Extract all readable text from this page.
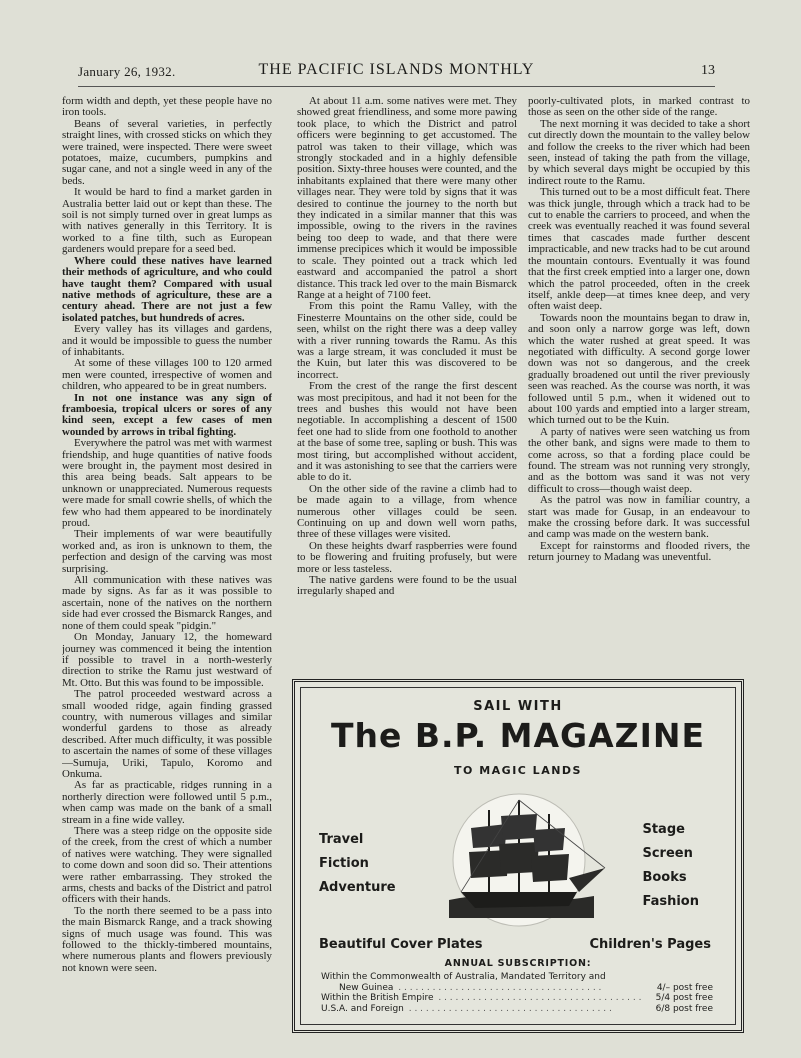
January 26, 1932.	THE PACIFIC ISLANDS MONTHLY	13

form width and depth, yet these people have no iron tools.

Beans of several varieties, in perfectly straight lines, with crossed sticks on which they were trained, were inspected. There were sweet potatoes, maize, cucumbers, pumpkins and sugar cane, and not a single weed in any of the beds.

It would be hard to find a market garden in Australia better laid out or kept than these. The soil is not simply turned over in great lumps as with natives generally in this Territory. It is worked to a fine tilth, such as European gardeners would prepare for a seed bed.

Where could these natives have learned their methods of agriculture, and who could have taught them? Compared with usual native methods of agriculture, these are a century ahead. There are not just a few isolated patches, but hundreds of acres.

Every valley has its villages and gardens, and it would be impossible to guess the number of inhabitants.

At some of these villages 100 to 120 armed men were counted, irrespective of women and children, who appeared to be in great numbers.

In not one instance was any sign of framboesia, tropical ulcers or sores of any kind seen, except a few cases of men wounded by arrows in tribal fighting.

Everywhere the patrol was met with warmest friendship, and huge quantities of native foods were brought in, the payment most desired in this area being beads. Salt appears to be unknown or unappreciated. Numerous requests were made for small cowrie shells, of which the few who had them appeared to be inordinately proud.

Their implements of war were beautifully worked and, as iron is unknown to them, the perfection and design of the carving was most surprising.

All communication with these natives was made by signs. As far as it was possible to ascertain, none of the natives on the northern side had ever crossed the Bismarck Ranges, and none of them could speak "pidgin."

On Monday, January 12, the homeward journey was commenced it being the intention if possible to travel in a north-westerly direction to strike the Ramu just westward of Mt. Otto. But this was found to be impossible.

The patrol proceeded westward across a small wooded ridge, again finding grassed country, with numerous villages and similar wonderful gardens to those as already described. After much difficulty, it was possible to ascertain the names of some of these villages—Sumuja, Uriki, Tapulo, Koromo and Onkuma.

As far as practicable, ridges running in a northerly direction were followed until 5 p.m., when camp was made on the bank of a small stream in a fine wide valley.

There was a steep ridge on the opposite side of the creek, from the crest of which a number of natives were watching. They were signalled to come down and soon did so. Their attentions were rather embarrassing. They stroked the arms, chests and backs of the District and patrol officers with their hands.

To the north there seemed to be a pass into the main Bismarck Range, and a track showing signs of much usage was found. This was followed to the thickly-timbered mountains, where numerous plants and flowers previously not known were seen.

At about 11 a.m. some natives were met. They showed great friendliness, and some more pawing took place, to which the District and patrol officers were beginning to get accustomed. The patrol was taken to their village, which was strongly stockaded and in a highly defensible position. Sixty-three houses were counted, and the inhabitants explained that there were many other villages near. They were told by signs that it was desired to continue the journey to the north but they indicated in a similar manner that this was impossible, owing to the rivers in the ravines being too deep to wade, and that there were immense precipices which it would be impossible to scale. They pointed out a track which led eastward and accompanied the patrol a short distance. This track led over to the main Bismarck Range at a height of 7100 feet.

From this point the Ramu Valley, with the Finesterre Mountains on the other side, could be seen, whilst on the right there was a deep valley with a river running towards the Ramu. As this was a large stream, it was concluded it must be the Kuin, but later this was discovered to be incorrect.

From the crest of the range the first descent was most precipitous, and had it not been for the trees and bushes this would not have been negotiable. In accomplishing a descent of 1500 feet one had to slide from one foothold to another at the base of some tree, sapling or bush. This was most tiring, but accomplished without accident, and it was astonishing to see that the carriers were able to do it.

On the other side of the ravine a climb had to be made again to a village, from whence numerous other villages could be seen. Continuing on up and down well worn paths, three of these villages were visited.

On these heights dwarf raspberries were found to be flowering and fruiting profusely, but were more or less tasteless.

The native gardens were found to be the usual irregularly shaped and

poorly-cultivated plots, in marked contrast to those as seen on the other side of the range.

The next morning it was decided to take a short cut directly down the mountain to the valley below and follow the creeks to the river which had been seen, instead of taking the path from the village, by which several days might be occupied by this indirect route to the Ramu.

This turned out to be a most difficult feat. There was thick jungle, through which a track had to be cut to enable the carriers to proceed, and when the creek was eventually reached it was found several times that cascades made further descent impracticable, and new tracks had to be cut around the mountain contours. Eventually it was found that the first creek emptied into a larger one, down which the patrol proceeded, often in the creek itself, ankle deep—at times knee deep, and very often waist deep.

Towards noon the mountains began to draw in, and soon only a narrow gorge was left, down which the water rushed at great speed. It was negotiated with difficulty. A second gorge lower down was not so dangerous, and the creek gradually broadened out until the river previously seen was reached. As the course was north, it was followed until 5 p.m., when it widened out to about 100 yards and emptied into a larger stream, which turned out to be the Kuin.

A party of natives were seen watching us from the other bank, and signs were made to them to come across, so that a fording place could be found. The stream was not running very strongly, and as the bottom was sand it was not very difficult to cross—though waist deep.

As the patrol was now in familiar country, a start was made for Gusap, in an endeavour to make the crossing before dark. It was successful and camp was made on the western bank.

Except for rainstorms and flooded rivers, the return journey to Madang was uneventful.

SAIL WITH
The B.P. MAGAZINE
TO MAGIC LANDS
Travel
Fiction
Adventure
Stage
Screen
Books
Fashion
Beautiful Cover Plates	Children's Pages
ANNUAL SUBSCRIPTION:
Within the Commonwealth of Australia, Mandated Territory and
New Guinea . . . . . . . . . . . . . . . . . . . . . . . . . . . . . . . . . . . .	4/– post free
Within the British Empire . . . . . . . . . . . . . . . . . . . . . . . . . . . . . . . . . . . .	5/4 post free
U.S.A. and Foreign . . . . . . . . . . . . . . . . . . . . . . . . . . . . . . . . . . . .	6/8 post free
